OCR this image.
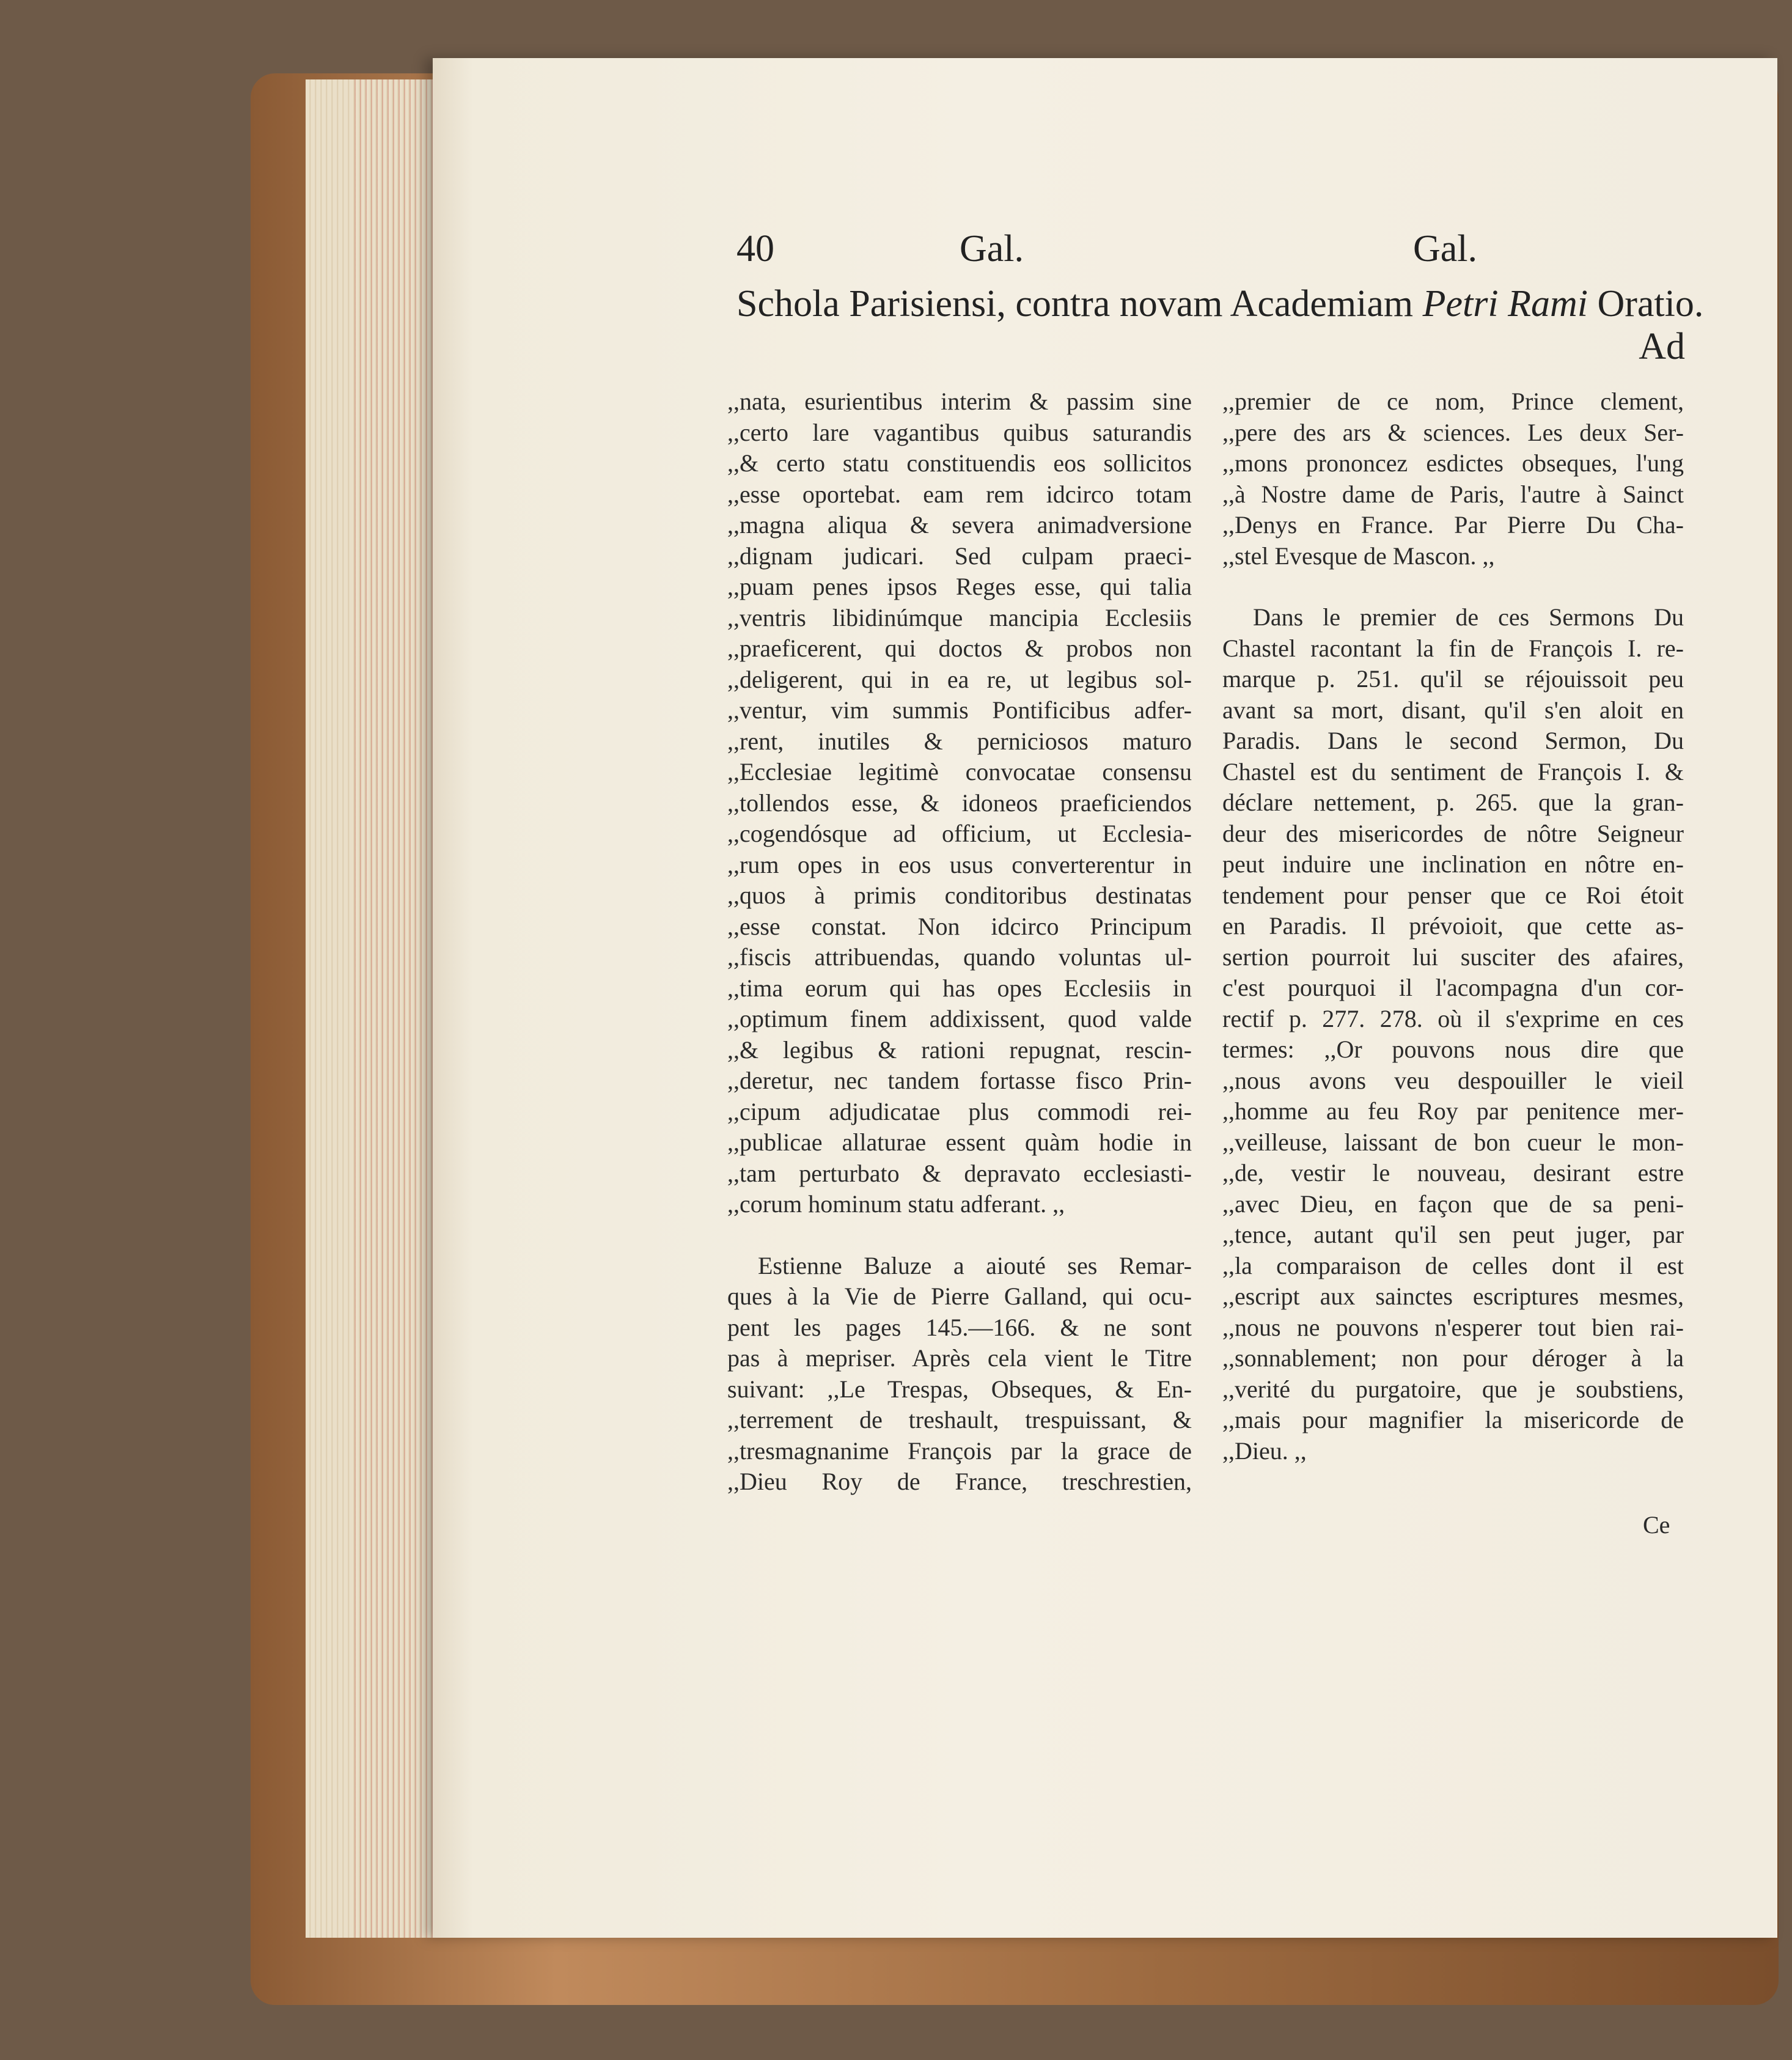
40	Gal.	Gal.
Schola Parisiensi, contra novam Academiam Petri Rami Oratio.
Ad
,,nata, esurientibus interim & passim sine
,,certo lare vagantibus quibus saturandis
,,& certo statu constituendis eos sollicitos
,,esse oportebat. eam rem idcirco totam
,,magna aliqua & severa animadversione
,,dignam judicari. Sed culpam praeci-
,,puam penes ipsos Reges esse, qui talia
,,ventris libidinúmque mancipia Ecclesiis
,,praeficerent, qui doctos & probos non
,,deligerent, qui in ea re, ut legibus sol-
,,ventur, vim summis Pontificibus adfer-
,,rent, inutiles & perniciosos maturo
,,Ecclesiae legitimè convocatae consensu
,,tollendos esse, & idoneos praeficiendos
,,cogendósque ad officium, ut Ecclesia-
,,rum opes in eos usus converterentur in
,,quos à primis conditoribus destinatas
,,esse constat. Non idcirco Principum
,,fiscis attribuendas, quando voluntas ul-
,,tima eorum qui has opes Ecclesiis in
,,optimum finem addixissent, quod valde
,,& legibus & rationi repugnat, rescin-
,,deretur, nec tandem fortasse fisco Prin-
,,cipum adjudicatae plus commodi rei-
,,publicae allaturae essent quàm hodie in
,,tam perturbato & depravato ecclesiasti-
,,corum hominum statu adferant. ,,
Estienne Baluze a aiouté ses Remar-
ques à la Vie de Pierre Galland, qui ocu-
pent les pages 145.—166. & ne sont
pas à mepriser. Après cela vient le Titre
suivant: ,,Le Trespas, Obseques, & En-
,,terrement de treshault, trespuissant, &
,,tresmagnanime François par la grace de
,,Dieu Roy de France, treschrestien,
,,premier de ce nom, Prince clement,
,,pere des ars & sciences. Les deux Ser-
,,mons prononcez esdictes obseques, l'ung
,,à Nostre dame de Paris, l'autre à Sainct
,,Denys en France. Par Pierre Du Cha-
,,stel Evesque de Mascon. ,,
Dans le premier de ces Sermons Du
Chastel racontant la fin de François I. re-
marque p. 251. qu'il se réjouissoit peu
avant sa mort, disant, qu'il s'en aloit en
Paradis. Dans le second Sermon, Du
Chastel est du sentiment de François I. &
déclare nettement, p. 265. que la gran-
deur des misericordes de nôtre Seigneur
peut induire une inclination en nôtre en-
tendement pour penser que ce Roi étoit
en Paradis. Il prévoioit, que cette as-
sertion pourroit lui susciter des afaires,
c'est pourquoi il l'acompagna d'un cor-
rectif p. 277. 278. où il s'exprime en ces
termes: ,,Or pouvons nous dire que
,,nous avons veu despouiller le vieil
,,homme au feu Roy par penitence mer-
,,veilleuse, laissant de bon cueur le mon-
,,de, vestir le nouveau, desirant estre
,,avec Dieu, en façon que de sa peni-
,,tence, autant qu'il sen peut juger, par
,,la comparaison de celles dont il est
,,escript aux sainctes escriptures mesmes,
,,nous ne pouvons n'esperer tout bien rai-
,,sonnablement; non pour déroger à la
,,verité du purgatoire, que je soubstiens,
,,mais pour magnifier la misericorde de
,,Dieu. ,,
Ce
